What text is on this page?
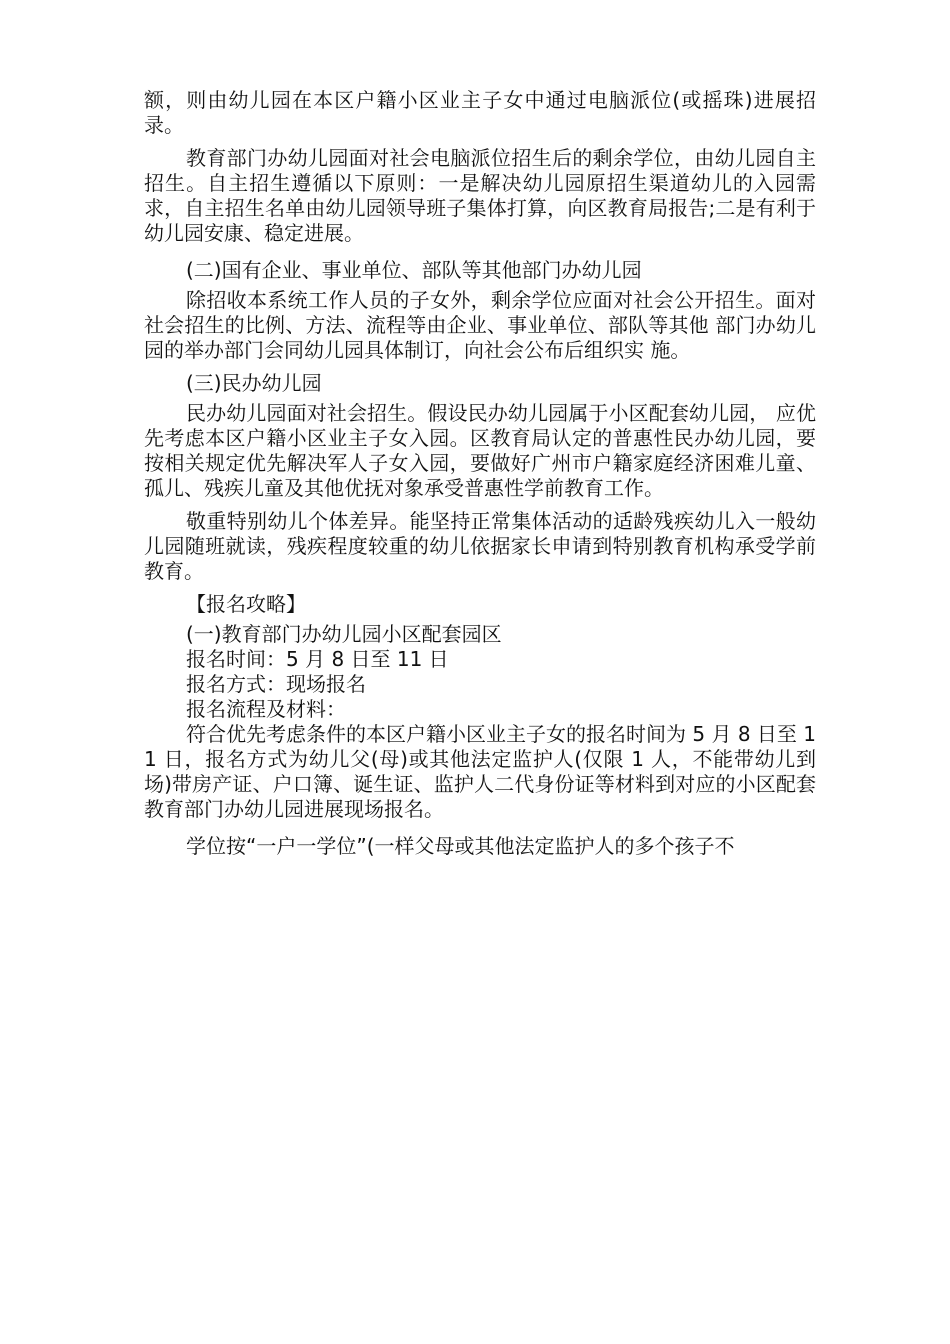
额，则由幼儿园在本区户籍小区业主子女中通过电脑派位(或摇珠)进展招录。

教育部门办幼儿园面对社会电脑派位招生后的剩余学位，由幼儿园自主招生。自主招生遵循以下原则：一是解决幼儿园原招生渠道幼儿的入园需求，自主招生名单由幼儿园领导班子集体打算，向区教育局报告;二是有利于幼儿园安康、稳定进展。

(二)国有企业、事业单位、部队等其他部门办幼儿园

除招收本系统工作人员的子女外，剩余学位应面对社会公开招生。面对社会招生的比例、方法、流程等由企业、事业单位、部队等其他 部门办幼儿园的举办部门会同幼儿园具体制订，向社会公布后组织实 施。

(三)民办幼儿园

民办幼儿园面对社会招生。假设民办幼儿园属于小区配套幼儿园， 应优先考虑本区户籍小区业主子女入园。区教育局认定的普惠性民办幼儿园，要按相关规定优先解决军人子女入园，要做好广州市户籍家庭经济困难儿童、孤儿、残疾儿童及其他优抚对象承受普惠性学前教育工作。

敬重特别幼儿个体差异。能坚持正常集体活动的适龄残疾幼儿入一般幼儿园随班就读，残疾程度较重的幼儿依据家长申请到特别教育机构承受学前教育。

【报名攻略】

(一)教育部门办幼儿园小区配套园区

报名时间：5 月 8 日至 11 日

报名方式：现场报名

报名流程及材料：

符合优先考虑条件的本区户籍小区业主子女的报名时间为 5 月 8 日至 11 日，报名方式为幼儿父(母)或其他法定监护人(仅限 1 人，不能带幼儿到场)带房产证、户口簿、诞生证、监护人二代身份证等材料到对应的小区配套教育部门办幼儿园进展现场报名。

学位按“一户一学位”(一样父母或其他法定监护人的多个孩子不
